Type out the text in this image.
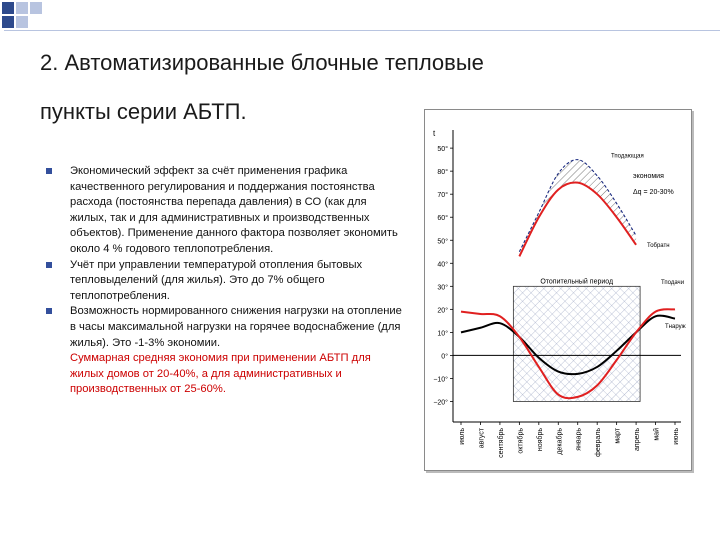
2. Автоматизированные блочные тепловые
пункты серии АБТП.
Экономический эффект за счёт применения графика качественного регулирования и поддержания постоянства расхода (постоянства перепада давления) в СО (как для жилых, так и для административных и производственных объектов). Применение данного фактора позволяет экономить около 4 % годового теплопотребления.
Учёт при управлении температурой отопления бытовых тепловыделений (для жилья). Это до 7% общего теплопотребления.
Возможность нормированного снижения нагрузки на отопление в часы максимальной нагрузки на горячее водоснабжение (для жилья). Это -1-3% экономии.
Суммарная средняя экономия при применении АБТП для жилых домов от 20-40%, а для административных и производственных от 25-60%.
Отопительный период
t
50°
80°
70°
60°
50°
40°
30°
20°
10°
0°
−10°
−20°
июль август сентябрь октябрь ноябрь декабрь январь февраль март апрель май июнь
Тподающая
экономия
Δq = 20-30%
Тобратн
Тподачи
Тнаруж
